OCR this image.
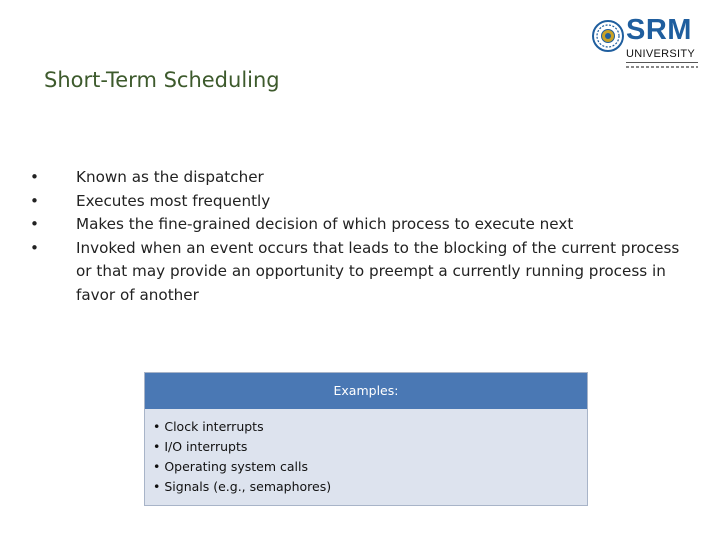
SRM
UNIVERSITY
Short-Term Scheduling
• Known as the dispatcher
• Executes most frequently
• Makes the fine-grained decision of which process to execute next
• Invoked when an event occurs that leads to the blocking of the current process or that may provide an opportunity to preempt a currently running process in favor of another
Examples:
• Clock interrupts
• I/O interrupts
• Operating system calls
• Signals (e.g., semaphores)
